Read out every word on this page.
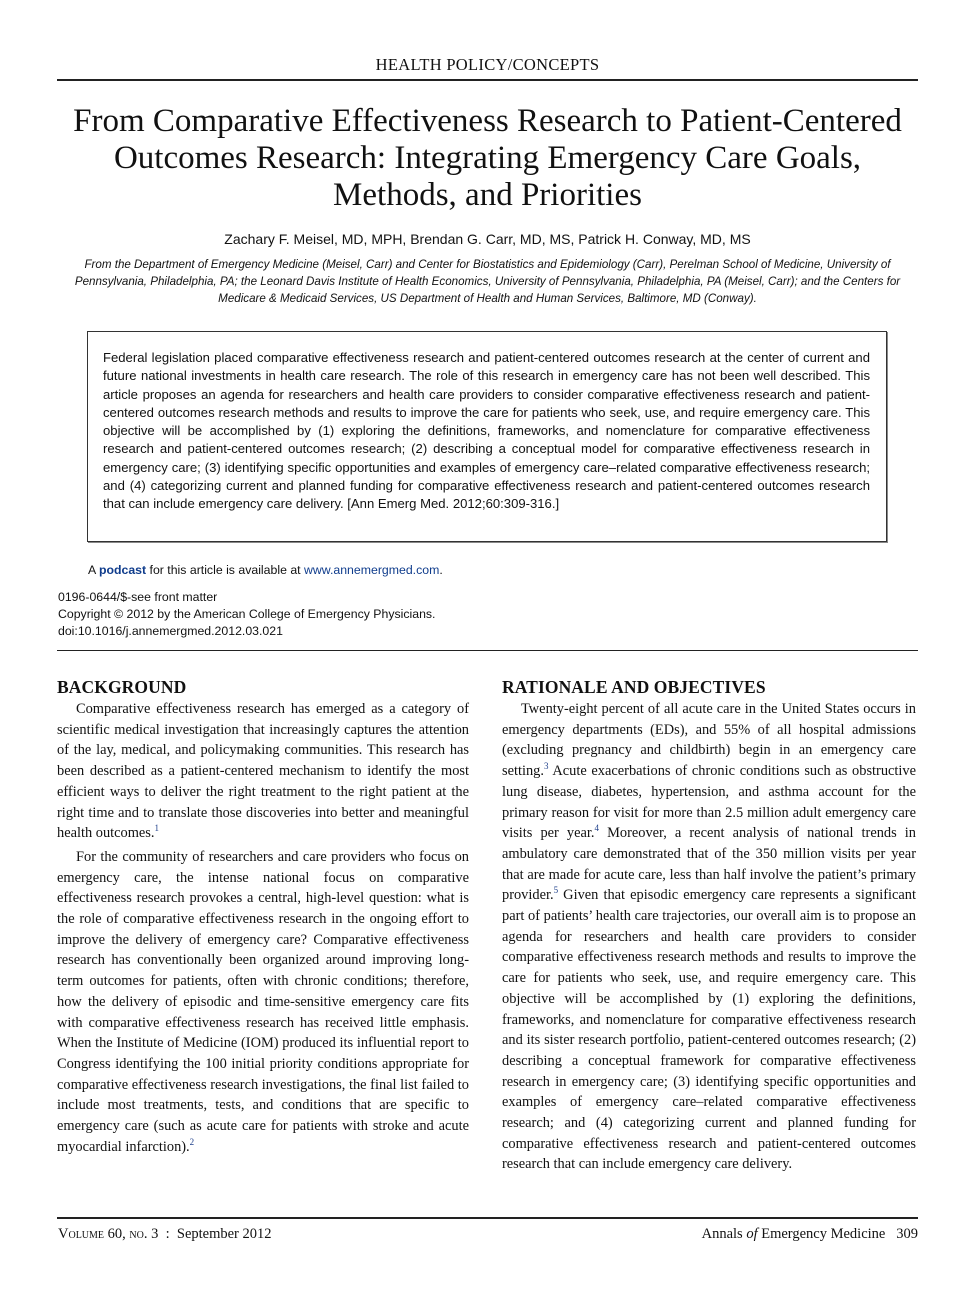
HEALTH POLICY/CONCEPTS
From Comparative Effectiveness Research to Patient-Centered Outcomes Research: Integrating Emergency Care Goals, Methods, and Priorities
Zachary F. Meisel, MD, MPH, Brendan G. Carr, MD, MS, Patrick H. Conway, MD, MS
From the Department of Emergency Medicine (Meisel, Carr) and Center for Biostatistics and Epidemiology (Carr), Perelman School of Medicine, University of Pennsylvania, Philadelphia, PA; the Leonard Davis Institute of Health Economics, University of Pennsylvania, Philadelphia, PA (Meisel, Carr); and the Centers for Medicare & Medicaid Services, US Department of Health and Human Services, Baltimore, MD (Conway).
Federal legislation placed comparative effectiveness research and patient-centered outcomes research at the center of current and future national investments in health care research. The role of this research in emergency care has not been well described. This article proposes an agenda for researchers and health care providers to consider comparative effectiveness research and patient-centered outcomes research methods and results to improve the care for patients who seek, use, and require emergency care. This objective will be accomplished by (1) exploring the definitions, frameworks, and nomenclature for comparative effectiveness research and patient-centered outcomes research; (2) describing a conceptual model for comparative effectiveness research in emergency care; (3) identifying specific opportunities and examples of emergency care–related comparative effectiveness research; and (4) categorizing current and planned funding for comparative effectiveness research and patient-centered outcomes research that can include emergency care delivery. [Ann Emerg Med. 2012;60:309-316.]
A podcast for this article is available at www.annemergmed.com.
0196-0644/$-see front matter
Copyright © 2012 by the American College of Emergency Physicians.
doi:10.1016/j.annemergmed.2012.03.021
BACKGROUND

Comparative effectiveness research has emerged as a category of scientific medical investigation that increasingly captures the attention of the lay, medical, and policymaking communities. This research has been described as a patient-centered mechanism to identify the most efficient ways to deliver the right treatment to the right patient at the right time and to translate those discoveries into better and meaningful health outcomes.$^1$

For the community of researchers and care providers who focus on emergency care, the intense national focus on comparative effectiveness research provokes a central, high-level question: what is the role of comparative effectiveness research in the ongoing effort to improve the delivery of emergency care? Comparative effectiveness research has conventionally been organized around improving long-term outcomes for patients, often with chronic conditions; therefore, how the delivery of episodic and time-sensitive emergency care fits with comparative effectiveness research has received little emphasis. When the Institute of Medicine (IOM) produced its influential report to Congress identifying the 100 initial priority conditions appropriate for comparative effectiveness research investigations, the final list failed to include most treatments, tests, and conditions that are specific to emergency care (such as acute care for patients with stroke and acute myocardial infarction).$^2$

RATIONALE AND OBJECTIVES

Twenty-eight percent of all acute care in the United States occurs in emergency departments (EDs), and 55% of all hospital admissions (excluding pregnancy and childbirth) begin in an emergency care setting.$^3$ Acute exacerbations of chronic conditions such as obstructive lung disease, diabetes, hypertension, and asthma account for the primary reason for visit for more than 2.5 million adult emergency care visits per year.$^4$ Moreover, a recent analysis of national trends in ambulatory care demonstrated that of the 350 million visits per year that are made for acute care, less than half involve the patient’s primary provider.$^5$ Given that episodic emergency care represents a significant part of patients’ health care trajectories, our overall aim is to propose an agenda for researchers and health care providers to consider comparative effectiveness research methods and results to improve the care for patients who seek, use, and require emergency care. This objective will be accomplished by (1) exploring the definitions, frameworks, and nomenclature for comparative effectiveness research and its sister research portfolio, patient-centered outcomes research; (2) describing a conceptual framework for comparative effectiveness research in emergency care; (3) identifying specific opportunities and examples of emergency care–related comparative effectiveness research; and (4) categorizing current and planned funding for comparative effectiveness research and patient-centered outcomes research that can include emergency care delivery.

Volume 60, no. 3 : September 2012	Annals of Emergency Medicine 309
